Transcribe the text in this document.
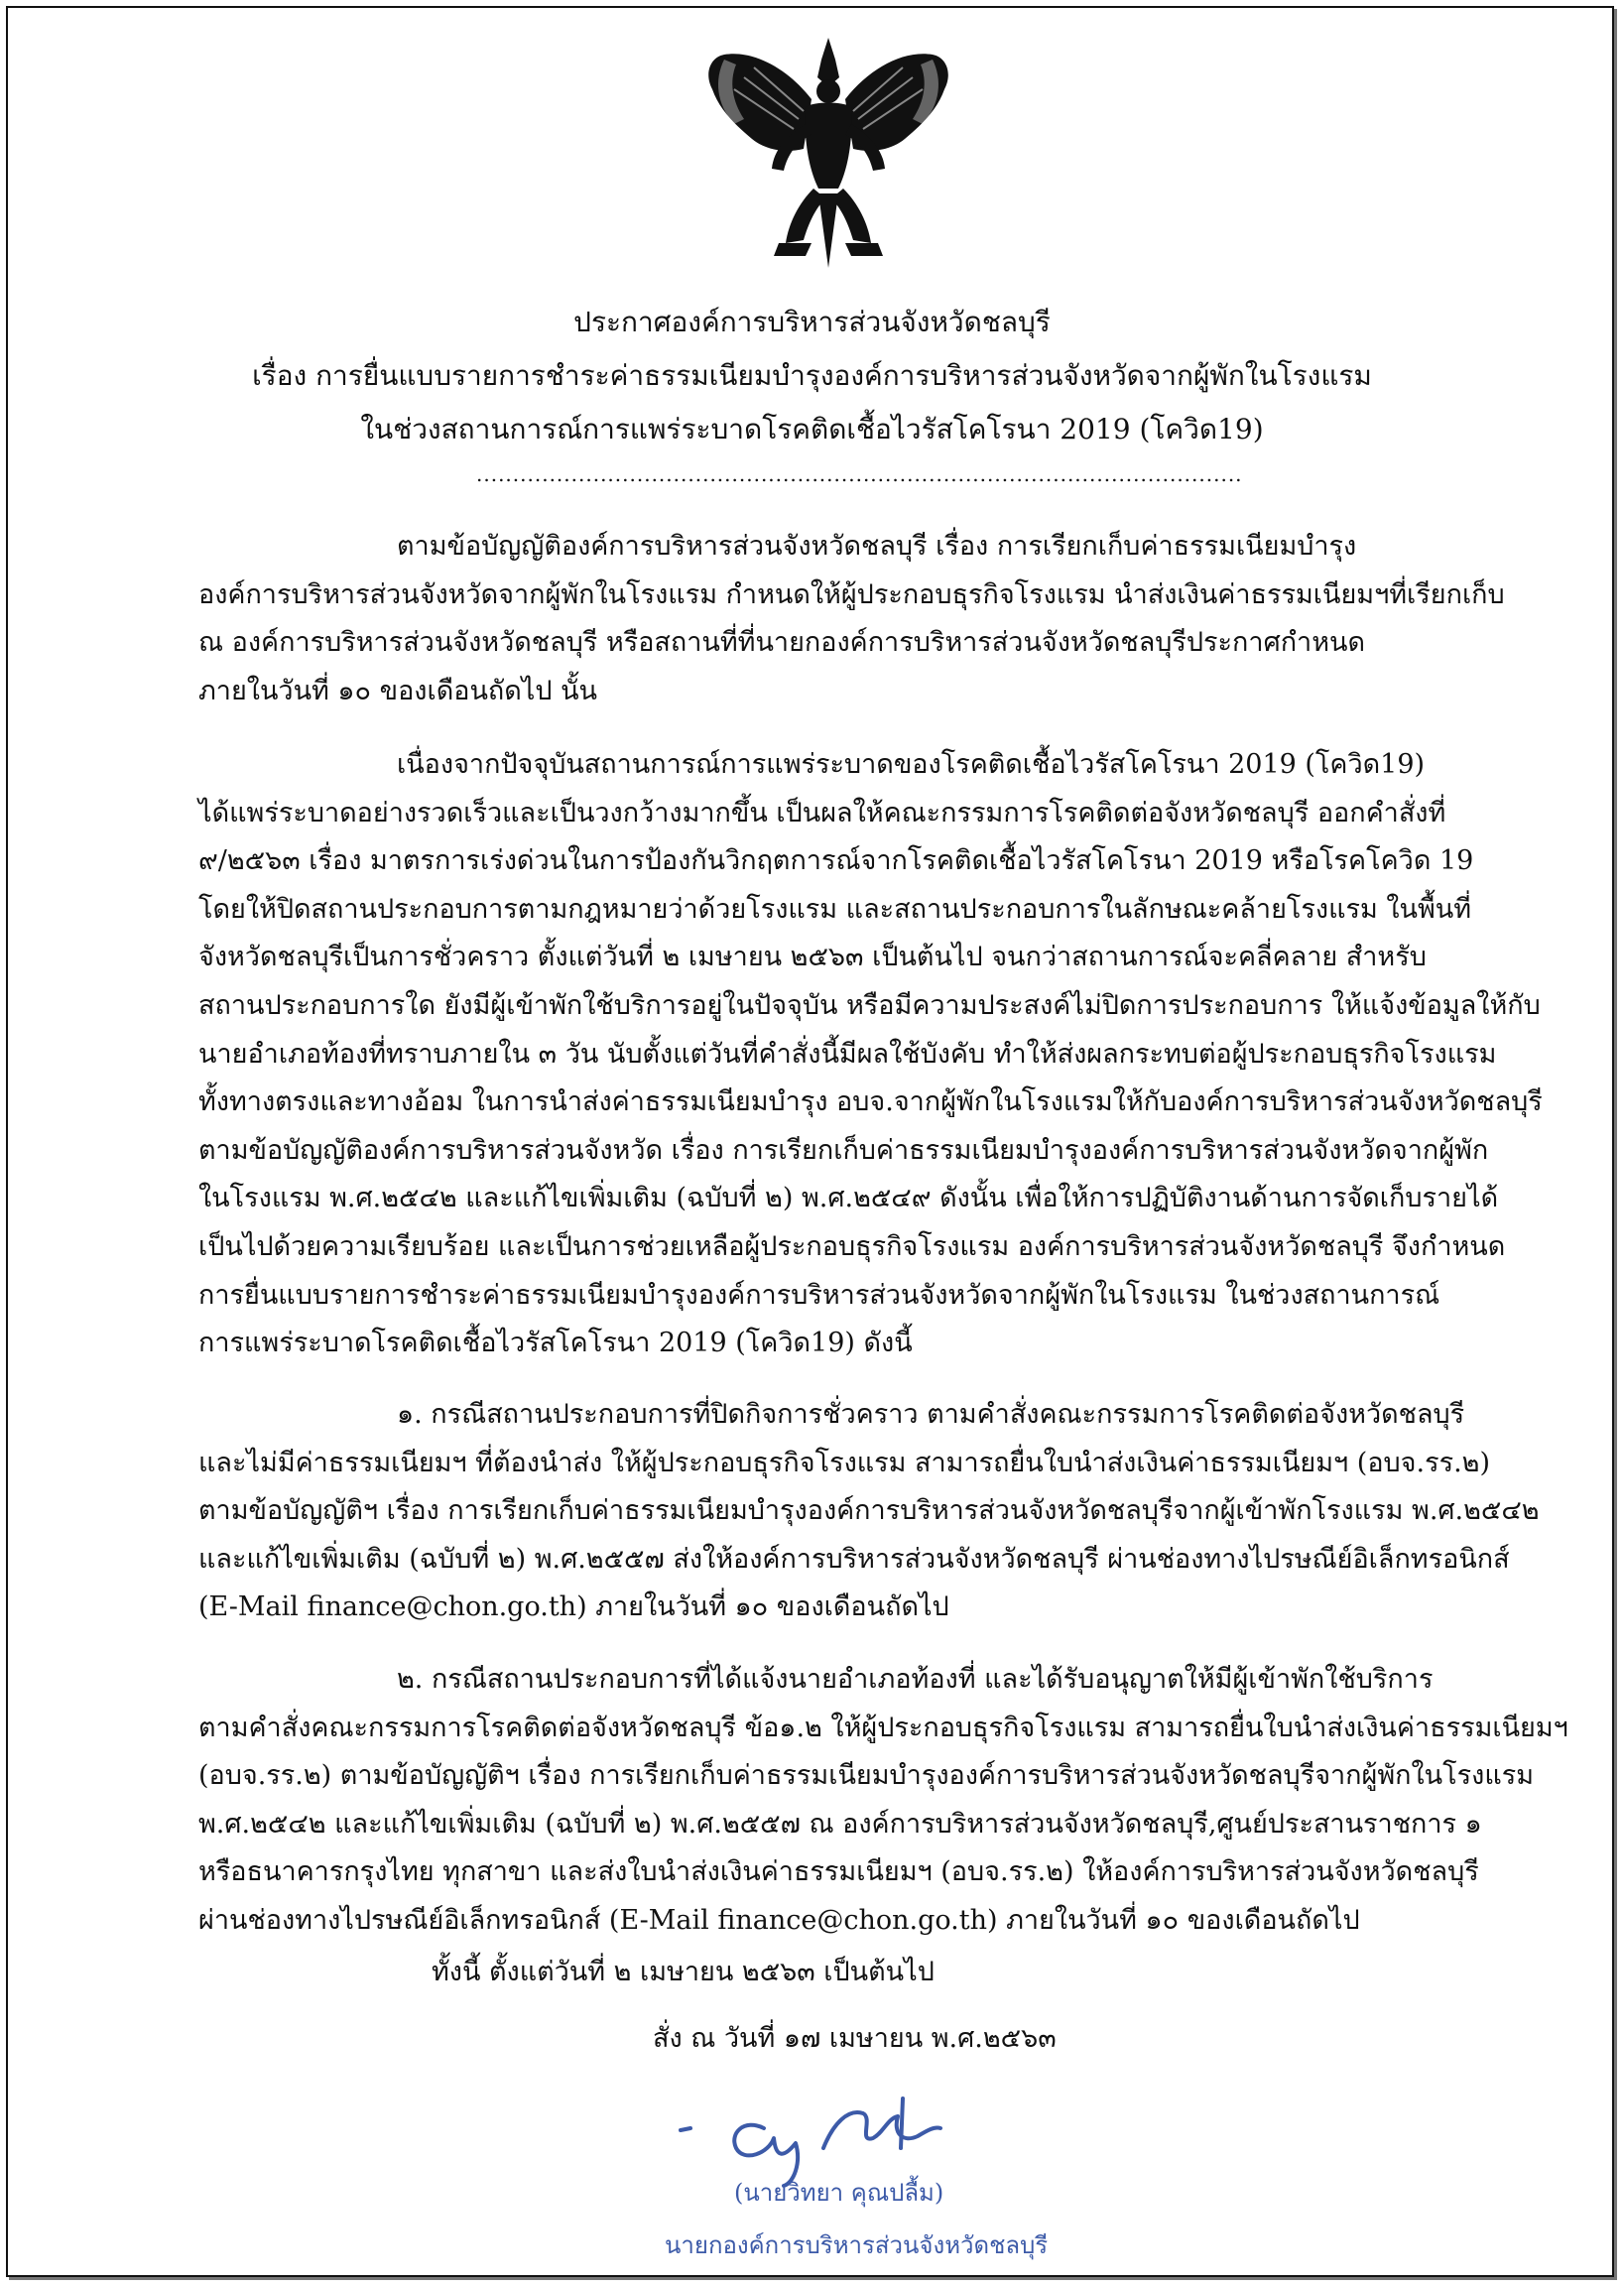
ประกาศองค์การบริหารส่วนจังหวัดชลบุรี
เรื่อง การยื่นแบบรายการชำระค่าธรรมเนียมบำรุงองค์การบริหารส่วนจังหวัดจากผู้พักในโรงแรม
ในช่วงสถานการณ์การแพร่ระบาดโรคติดเชื้อไวรัสโคโรนา 2019 (โควิด19)
.........................................................................................................
ตามข้อบัญญัติองค์การบริหารส่วนจังหวัดชลบุรี เรื่อง การเรียกเก็บค่าธรรมเนียมบำรุง
องค์การบริหารส่วนจังหวัดจากผู้พักในโรงแรม กำหนดให้ผู้ประกอบธุรกิจโรงแรม นำส่งเงินค่าธรรมเนียมฯที่เรียกเก็บ
ณ องค์การบริหารส่วนจังหวัดชลบุรี หรือสถานที่ที่นายกองค์การบริหารส่วนจังหวัดชลบุรีประกาศกำหนด
ภายในวันที่ ๑๐ ของเดือนถัดไป นั้น
เนื่องจากปัจจุบันสถานการณ์การแพร่ระบาดของโรคติดเชื้อไวรัสโคโรนา 2019 (โควิด19)
ได้แพร่ระบาดอย่างรวดเร็วและเป็นวงกว้างมากขึ้น เป็นผลให้คณะกรรมการโรคติดต่อจังหวัดชลบุรี ออกคำสั่งที่
๙/๒๕๖๓ เรื่อง มาตรการเร่งด่วนในการป้องกันวิกฤตการณ์จากโรคติดเชื้อไวรัสโคโรนา 2019 หรือโรคโควิด 19
โดยให้ปิดสถานประกอบการตามกฎหมายว่าด้วยโรงแรม และสถานประกอบการในลักษณะคล้ายโรงแรม ในพื้นที่
จังหวัดชลบุรีเป็นการชั่วคราว ตั้งแต่วันที่ ๒ เมษายน ๒๕๖๓ เป็นต้นไป จนกว่าสถานการณ์จะคลี่คลาย สำหรับ
สถานประกอบการใด ยังมีผู้เข้าพักใช้บริการอยู่ในปัจจุบัน หรือมีความประสงค์ไม่ปิดการประกอบการ ให้แจ้งข้อมูลให้กับ
นายอำเภอท้องที่ทราบภายใน ๓ วัน นับตั้งแต่วันที่คำสั่งนี้มีผลใช้บังคับ ทำให้ส่งผลกระทบต่อผู้ประกอบธุรกิจโรงแรม
ทั้งทางตรงและทางอ้อม ในการนำส่งค่าธรรมเนียมบำรุง อบจ.จากผู้พักในโรงแรมให้กับองค์การบริหารส่วนจังหวัดชลบุรี
ตามข้อบัญญัติองค์การบริหารส่วนจังหวัด เรื่อง การเรียกเก็บค่าธรรมเนียมบำรุงองค์การบริหารส่วนจังหวัดจากผู้พัก
ในโรงแรม พ.ศ.๒๕๔๒ และแก้ไขเพิ่มเติม (ฉบับที่ ๒) พ.ศ.๒๕๔๙ ดังนั้น เพื่อให้การปฏิบัติงานด้านการจัดเก็บรายได้
เป็นไปด้วยความเรียบร้อย และเป็นการช่วยเหลือผู้ประกอบธุรกิจโรงแรม องค์การบริหารส่วนจังหวัดชลบุรี จึงกำหนด
การยื่นแบบรายการชำระค่าธรรมเนียมบำรุงองค์การบริหารส่วนจังหวัดจากผู้พักในโรงแรม ในช่วงสถานการณ์
การแพร่ระบาดโรคติดเชื้อไวรัสโคโรนา 2019 (โควิด19) ดังนี้
๑. กรณีสถานประกอบการที่ปิดกิจการชั่วคราว ตามคำสั่งคณะกรรมการโรคติดต่อจังหวัดชลบุรี
และไม่มีค่าธรรมเนียมฯ ที่ต้องนำส่ง ให้ผู้ประกอบธุรกิจโรงแรม สามารถยื่นใบนำส่งเงินค่าธรรมเนียมฯ (อบจ.รร.๒)
ตามข้อบัญญัติฯ เรื่อง การเรียกเก็บค่าธรรมเนียมบำรุงองค์การบริหารส่วนจังหวัดชลบุรีจากผู้เข้าพักโรงแรม พ.ศ.๒๕๔๒
และแก้ไขเพิ่มเติม (ฉบับที่ ๒) พ.ศ.๒๕๕๗ ส่งให้องค์การบริหารส่วนจังหวัดชลบุรี ผ่านช่องทางไปรษณีย์อิเล็กทรอนิกส์
(E-Mail finance@chon.go.th) ภายในวันที่ ๑๐ ของเดือนถัดไป
๒. กรณีสถานประกอบการที่ได้แจ้งนายอำเภอท้องที่ และได้รับอนุญาตให้มีผู้เข้าพักใช้บริการ
ตามคำสั่งคณะกรรมการโรคติดต่อจังหวัดชลบุรี ข้อ๑.๒ ให้ผู้ประกอบธุรกิจโรงแรม สามารถยื่นใบนำส่งเงินค่าธรรมเนียมฯ
(อบจ.รร.๒) ตามข้อบัญญัติฯ เรื่อง การเรียกเก็บค่าธรรมเนียมบำรุงองค์การบริหารส่วนจังหวัดชลบุรีจากผู้พักในโรงแรม
พ.ศ.๒๕๔๒ และแก้ไขเพิ่มเติม (ฉบับที่ ๒) พ.ศ.๒๕๕๗ ณ องค์การบริหารส่วนจังหวัดชลบุรี,ศูนย์ประสานราชการ ๑
หรือธนาคารกรุงไทย ทุกสาขา และส่งใบนำส่งเงินค่าธรรมเนียมฯ (อบจ.รร.๒) ให้องค์การบริหารส่วนจังหวัดชลบุรี
ผ่านช่องทางไปรษณีย์อิเล็กทรอนิกส์ (E-Mail finance@chon.go.th) ภายในวันที่ ๑๐ ของเดือนถัดไป
ทั้งนี้ ตั้งแต่วันที่ ๒ เมษายน ๒๕๖๓ เป็นต้นไป
สั่ง ณ วันที่ ๑๗ เมษายน พ.ศ.๒๕๖๓
(นายวิทยา คุณปลื้ม)
นายกองค์การบริหารส่วนจังหวัดชลบุรี
